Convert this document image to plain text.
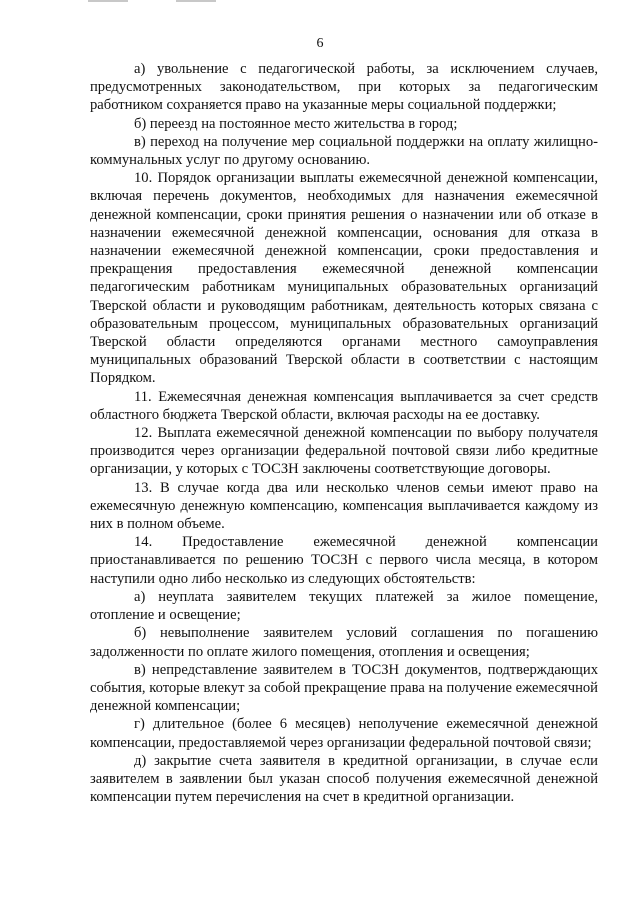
6

а) увольнение с педагогической работы, за исключением случаев, предусмотренных законодательством, при которых за педагогическим работником сохраняется право на указанные меры социальной поддержки;

б) переезд на постоянное место жительства в город;

в) переход на получение мер социальной поддержки на оплату жилищно-коммунальных услуг по другому основанию.

10. Порядок организации выплаты ежемесячной денежной компенсации, включая перечень документов, необходимых для назначения ежемесячной денежной компенсации, сроки принятия решения о назначении или об отказе в назначении ежемесячной денежной компенсации, основания для отказа в назначении ежемесячной денежной компенсации, сроки предоставления и прекращения предоставления ежемесячной денежной компенсации педагогическим работникам муниципальных образовательных организаций Тверской области и руководящим работникам, деятельность которых связана с образовательным процессом, муниципальных образовательных организаций Тверской области определяются органами местного самоуправления муниципальных образований Тверской области в соответствии с настоящим Порядком.

11. Ежемесячная денежная компенсация выплачивается за счет средств областного бюджета Тверской области, включая расходы на ее доставку.

12. Выплата ежемесячной денежной компенсации по выбору получателя производится через организации федеральной почтовой связи либо кредитные организации, у которых с ТОСЗН заключены соответствующие договоры.

13. В случае когда два или несколько членов семьи имеют право на ежемесячную денежную компенсацию, компенсация выплачивается каждому из них в полном объеме.

14. Предоставление ежемесячной денежной компенсации приостанавливается по решению ТОСЗН с первого числа месяца, в котором наступили одно либо несколько из следующих обстоятельств:

а) неуплата заявителем текущих платежей за жилое помещение, отопление и освещение;

б) невыполнение заявителем условий соглашения по погашению задолженности по оплате жилого помещения, отопления и освещения;

в) непредставление заявителем в ТОСЗН документов, подтверждающих события, которые влекут за собой прекращение права на получение ежемесячной денежной компенсации;

г) длительное (более 6 месяцев) неполучение ежемесячной денежной компенсации, предоставляемой через организации федеральной почтовой связи;

д) закрытие счета заявителя в кредитной организации, в случае если заявителем в заявлении был указан способ получения ежемесячной денежной компенсации путем перечисления на счет в кредитной организации.
